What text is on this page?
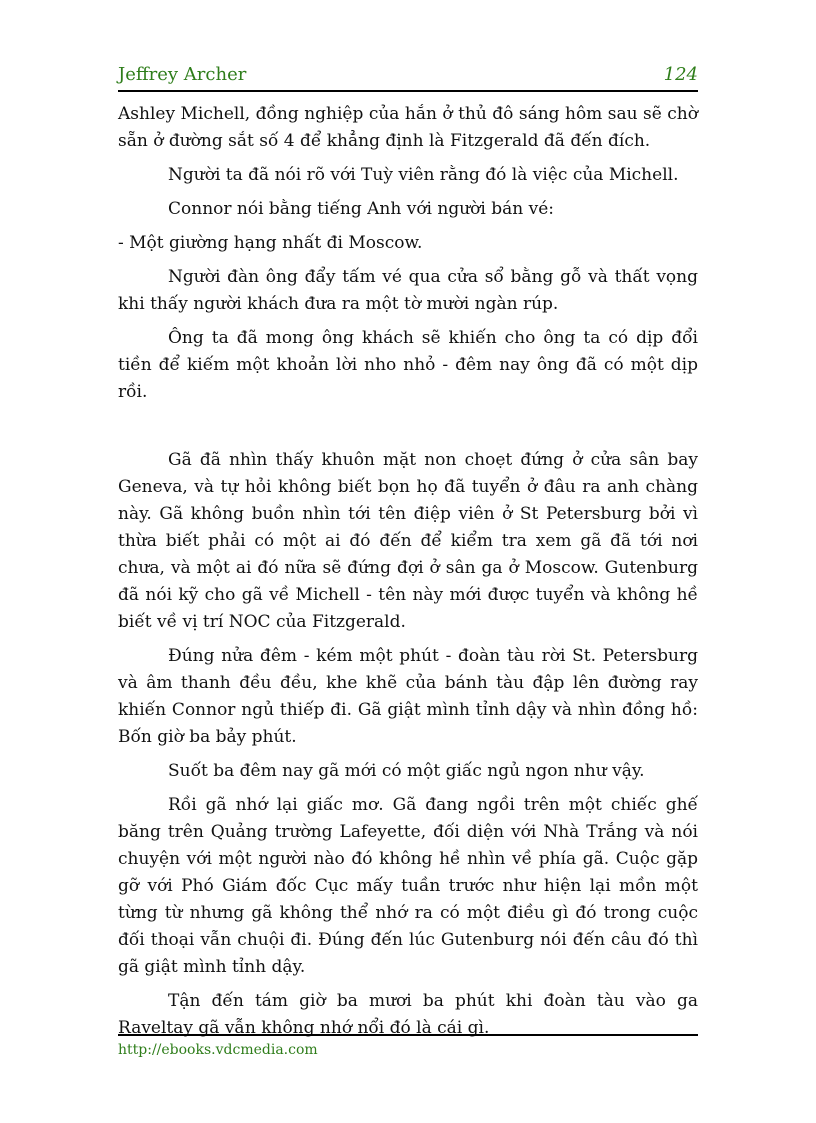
Jeffrey Archer	124

Ashley Michell, đồng nghiệp của hắn ở thủ đô sáng hôm sau sẽ chờ sẵn ở đường sắt số 4 để khẳng định là Fitzgerald đã đến đích.

Người ta đã nói rõ với Tuỳ viên rằng đó là việc của Michell.

Connor nói bằng tiếng Anh với người bán vé:

- Một giường hạng nhất đi Moscow.

Người đàn ông đẩy tấm vé qua cửa sổ bằng gỗ và thất vọng khi thấy người khách đưa ra một tờ mười ngàn rúp.

Ông ta đã mong ông khách sẽ khiến cho ông ta có dịp đổi tiền để kiếm một khoản lời nho nhỏ - đêm nay ông đã có một dịp rồi.

Gã đã nhìn thấy khuôn mặt non choẹt đứng ở cửa sân bay Geneva, và tự hỏi không biết bọn họ đã tuyển ở đâu ra anh chàng này. Gã không buồn nhìn tới tên điệp viên ở St Petersburg bởi vì thừa biết phải có một ai đó đến để kiểm tra xem gã đã tới nơi chưa, và một ai đó nữa sẽ đứng đợi ở sân ga ở Moscow. Gutenburg đã nói kỹ cho gã về Michell - tên này mới được tuyển và không hề biết về vị trí NOC của Fitzgerald.

Đúng nửa đêm - kém một phút - đoàn tàu rời St. Petersburg và âm thanh đều đều, khe khẽ của bánh tàu đập lên đường ray khiến Connor ngủ thiếp đi. Gã giật mình tỉnh dậy và nhìn đồng hồ: Bốn giờ ba bảy phút.

Suốt ba đêm nay gã mới có một giấc ngủ ngon như vậy.

Rồi gã nhớ lại giấc mơ. Gã đang ngồi trên một chiếc ghế băng trên Quảng trường Lafeyette, đối diện với Nhà Trắng và nói chuyện với một người nào đó không hề nhìn về phía gã. Cuộc gặp gỡ với Phó Giám đốc Cục mấy tuần trước như hiện lại mồn một từng từ nhưng gã không thể nhớ ra có một điều gì đó trong cuộc đối thoại vẫn chuội đi. Đúng đến lúc Gutenburg nói đến câu đó thì gã giật mình tỉnh dậy.

Tận đến tám giờ ba mươi ba phút khi đoàn tàu vào ga Raveltay gã vẫn không nhớ nổi đó là cái gì.

http://ebooks.vdcmedia.com
